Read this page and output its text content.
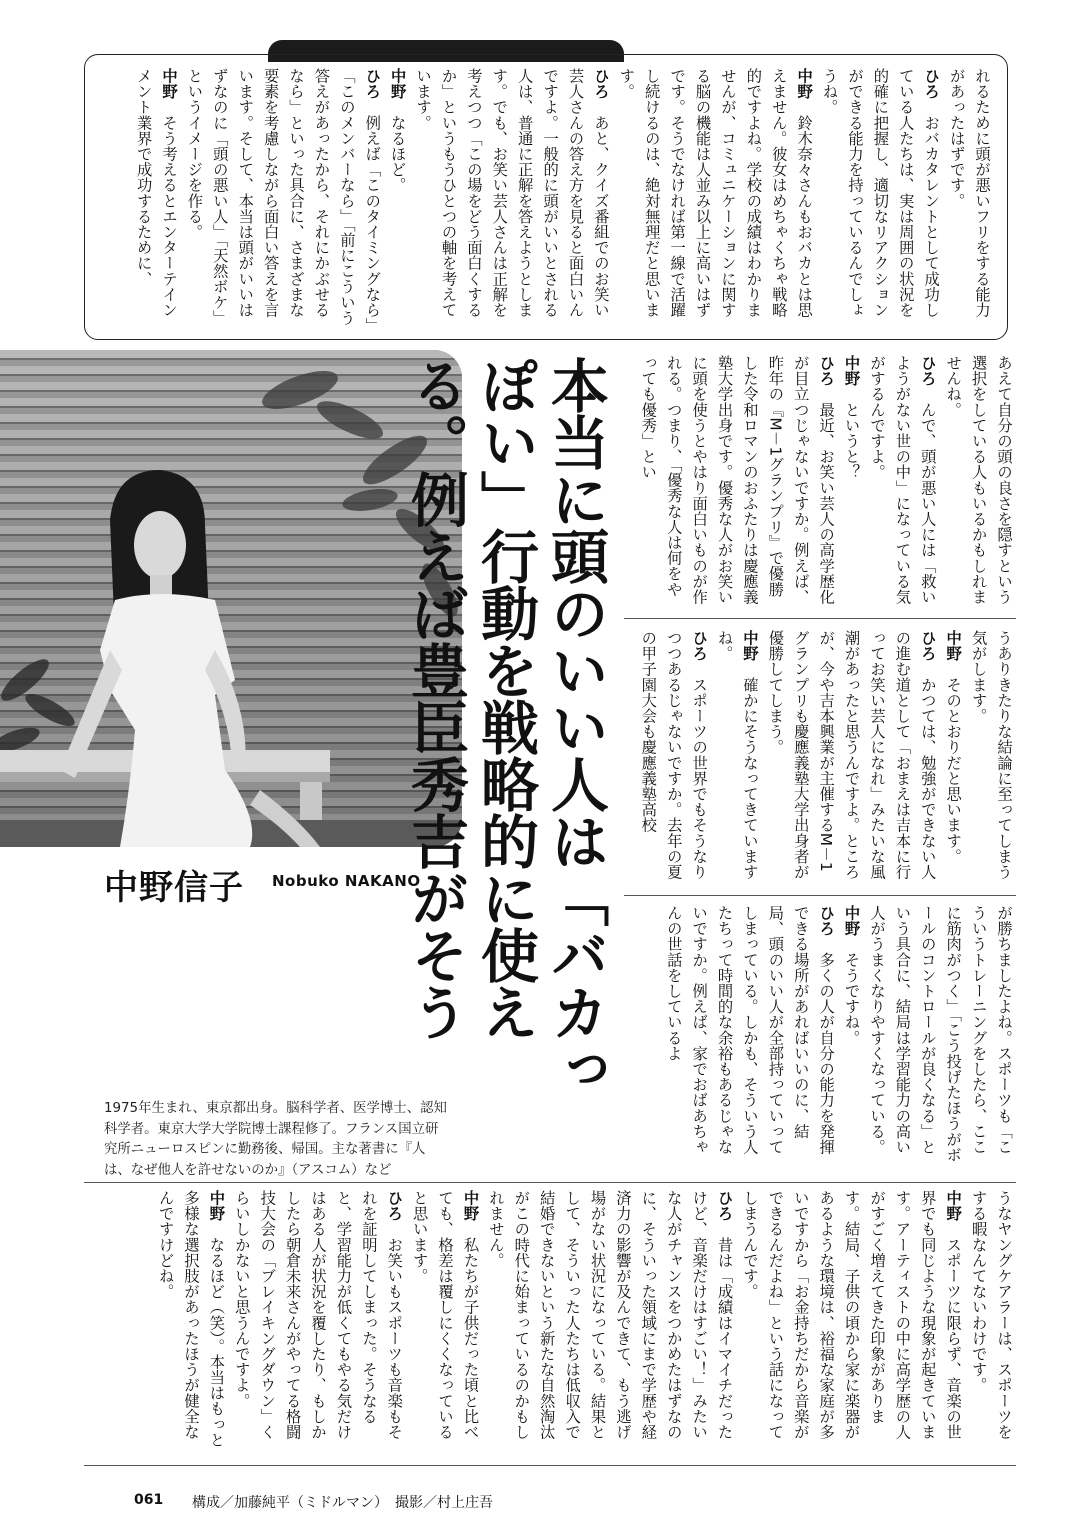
れるために頭が悪いフリをする能力があったはずです。

ひろ　おバカタレントとして成功している人たちは、実は周囲の状況を的確に把握し、適切なリアクションができる能力を持っているんでしょうね。

中野　鈴木奈々さんもおバカとは思えません。彼女はめちゃくちゃ戦略的ですよね。学校の成績はわかりませんが、コミュニケーションに関する脳の機能は人並み以上に高いはずです。そうでなければ第一線で活躍し続けるのは、絶対無理だと思います。

ひろ　あと、クイズ番組でのお笑い芸人さんの答え方を見ると面白いんですよ。一般的に頭がいいとされる人は、普通に正解を答えようとします。でも、お笑い芸人さんは正解を考えつつ「この場をどう面白くするか」というもうひとつの軸を考えています。

中野　なるほど。

ひろ　例えば「このタイミングなら」「このメンバーなら」「前にこういう答えがあったから、それにかぶせるなら」といった具合に、さまざまな要素を考慮しながら面白い答えを言います。そして、本当は頭がいいはずなのに「頭の悪い人」「天然ボケ」というイメージを作る。

中野　そう考えるとエンターテインメント業界で成功するために、

本当に頭のいい人は「バカっぽい」行動を戦略的に使える。例えば豊臣秀吉がそう	あえて自分の頭の良さを隠すという選択をしている人もいるかもしれませんね。

ひろ　んで、頭が悪い人には「救いようがない世の中」になっている気がするんですよ。

中野　というと？

ひろ　最近、お笑い芸人の高学歴化が目立つじゃないですか。例えば、昨年の『M－1グランプリ』で優勝した令和ロマンのおふたりは慶應義塾大学出身です。優秀な人がお笑いに頭を使うとやはり面白いものが作れる。つまり、「優秀な人は何をやっても優秀」とい

うありきたりな結論に至ってしまう気がします。

中野　そのとおりだと思います。

ひろ　かつては、勉強ができない人の進む道として「おまえは吉本に行ってお笑い芸人になれ」みたいな風潮があったと思うんですよ。ところが、今や吉本興業が主催するM－1グランプリも慶應義塾大学出身者が優勝してしまう。

中野　確かにそうなってきていますね。

ひろ　スポーツの世界でもそうなりつつあるじゃないですか。去年の夏の甲子園大会も慶應義塾高校

が勝ちましたよね。スポーツも「こういうトレーニングをしたら、ここに筋肉がつく」「こう投げたほうがボールのコントロールが良くなる」という具合に、結局は学習能力の高い人がうまくなりやすくなっている。

中野　そうですね。

ひろ　多くの人が自分の能力を発揮できる場所があればいいのに、結局、頭のいい人が全部持っていってしまっている。しかも、そういう人たちって時間的な余裕もあるじゃないですか。例えば、家でおばあちゃんの世話をしているよ

中野信子 Nobuko NAKANO
1975年生まれ、東京都出身。脳科学者、医学博士、認知科学者。東京大学大学院博士課程修了。フランス国立研究所ニューロスピンに勤務後、帰国。主な著書に『人は、なぜ他人を許せないのか』（アスコム）など

うなヤングケアラーは、スポーツをする暇なんてないわけです。

中野　スポーツに限らず、音楽の世界でも同じような現象が起きています。アーティストの中に高学歴の人がすごく増えてきた印象があります。結局、子供の頃から家に楽器があるような環境は、裕福な家庭が多いですから「お金持ちだから音楽ができるんだよね」という話になってしまうんです。

ひろ　昔は「成績はイマイチだったけど、音楽だけはすごい！」みたいな人がチャンスをつかめたはずなのに、そういった領域にまで学歴や経済力の影響が及んできて、もう逃げ場がない状況になっている。結果として、そういった人たちは低収入で結婚できないという新たな自然淘汰がこの時代に始まっているのかもしれません。

中野　私たちが子供だった頃と比べても、格差は覆しにくくなっていると思います。

ひろ　お笑いもスポーツも音楽もそれを証明してしまった。そうなると、学習能力が低くてもやる気だけはある人が状況を覆したり、もしかしたら朝倉未来さんがやってる格闘技大会の「ブレイキングダウン」くらいしかないと思うんですよ。

中野　なるほど（笑）。本当はもっと多様な選択肢があったほうが健全なんですけどね。

061 構成／加藤純平（ミドルマン）　撮影／村上庄吾
